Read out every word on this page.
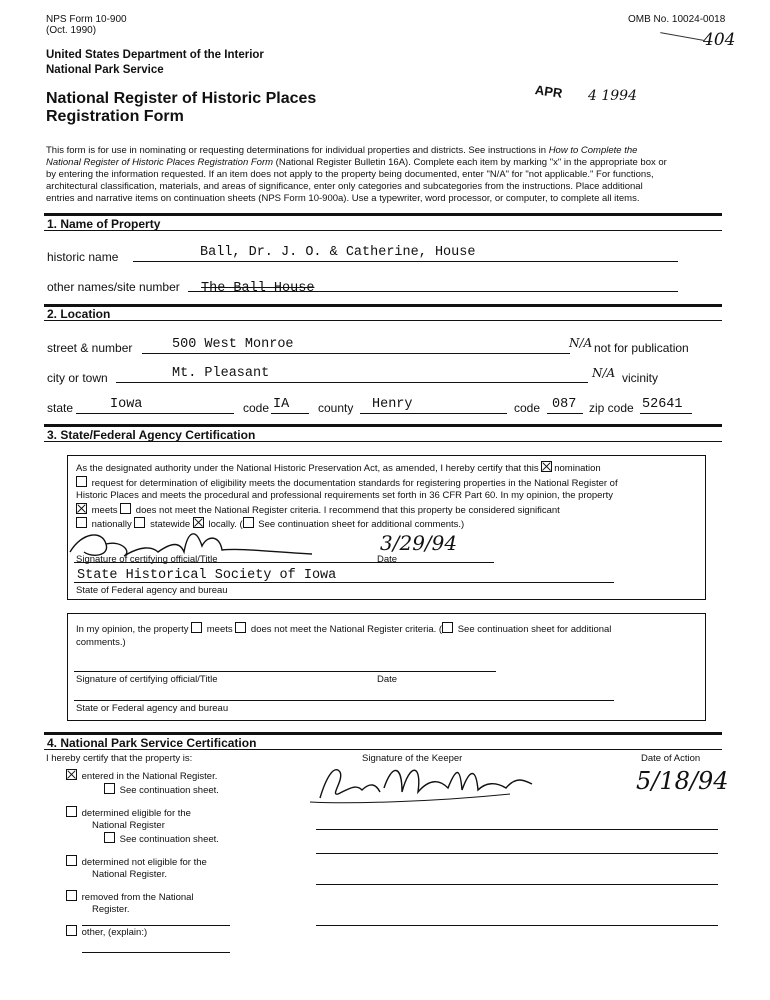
NPS Form 10-900
(Oct. 1990)
OMB No. 10024-0018
404
United States Department of the Interior
National Park Service
National Register of Historic Places
Registration Form
APR 4 1994
This form is for use in nominating or requesting determinations for individual properties and districts. See instructions in How to Complete the
National Register of Historic Places Registration Form (National Register Bulletin 16A). Complete each item by marking "x" in the appropriate box or
by entering the information requested. If an item does not apply to the property being documented, enter "N/A" for "not applicable." For functions,
architectural classification, materials, and areas of significance, enter only categories and subcategories from the instructions. Place additional
entries and narrative items on continuation sheets (NPS Form 10-900a). Use a typewriter, word processor, or computer, to complete all items.
1. Name of Property
historic name	Ball, Dr. J. O. & Catherine, House
other names/site number The Ball House
2. Location
street & number	500 West Monroe	N/A not for publication
city or town	Mt. Pleasant	N/A vicinity
state	Iowa	code IA county Henry	code 087 zip code 52641
3. State/Federal Agency Certification
As the designated authority under the National Historic Preservation Act, as amended, I hereby certify that this nomination
request for determination of eligibility meets the documentation standards for registering properties in the National Register of
Historic Places and meets the procedural and professional requirements set forth in 36 CFR Part 60. In my opinion, the property
meets does not meet the National Register criteria. I recommend that this property be considered significant
nationally statewide locally. ( See continuation sheet for additional comments.)
3/29/94
Signature of certifying official/Title	Date
State Historical Society of Iowa
State of Federal agency and bureau
In my opinion, the property meets does not meet the National Register criteria. ( See continuation sheet for additional
comments.)
Signature of certifying official/Title	Date
State or Federal agency and bureau
4. National Park Service Certification
I hereby certify that the property is:	Signature of the Keeper	Date of Action
entered in the National Register.
See continuation sheet.
determined eligible for the
National Register
See continuation sheet.
determined not eligible for the
National Register.
removed from the National
Register.
other, (explain:)
5/18/94
